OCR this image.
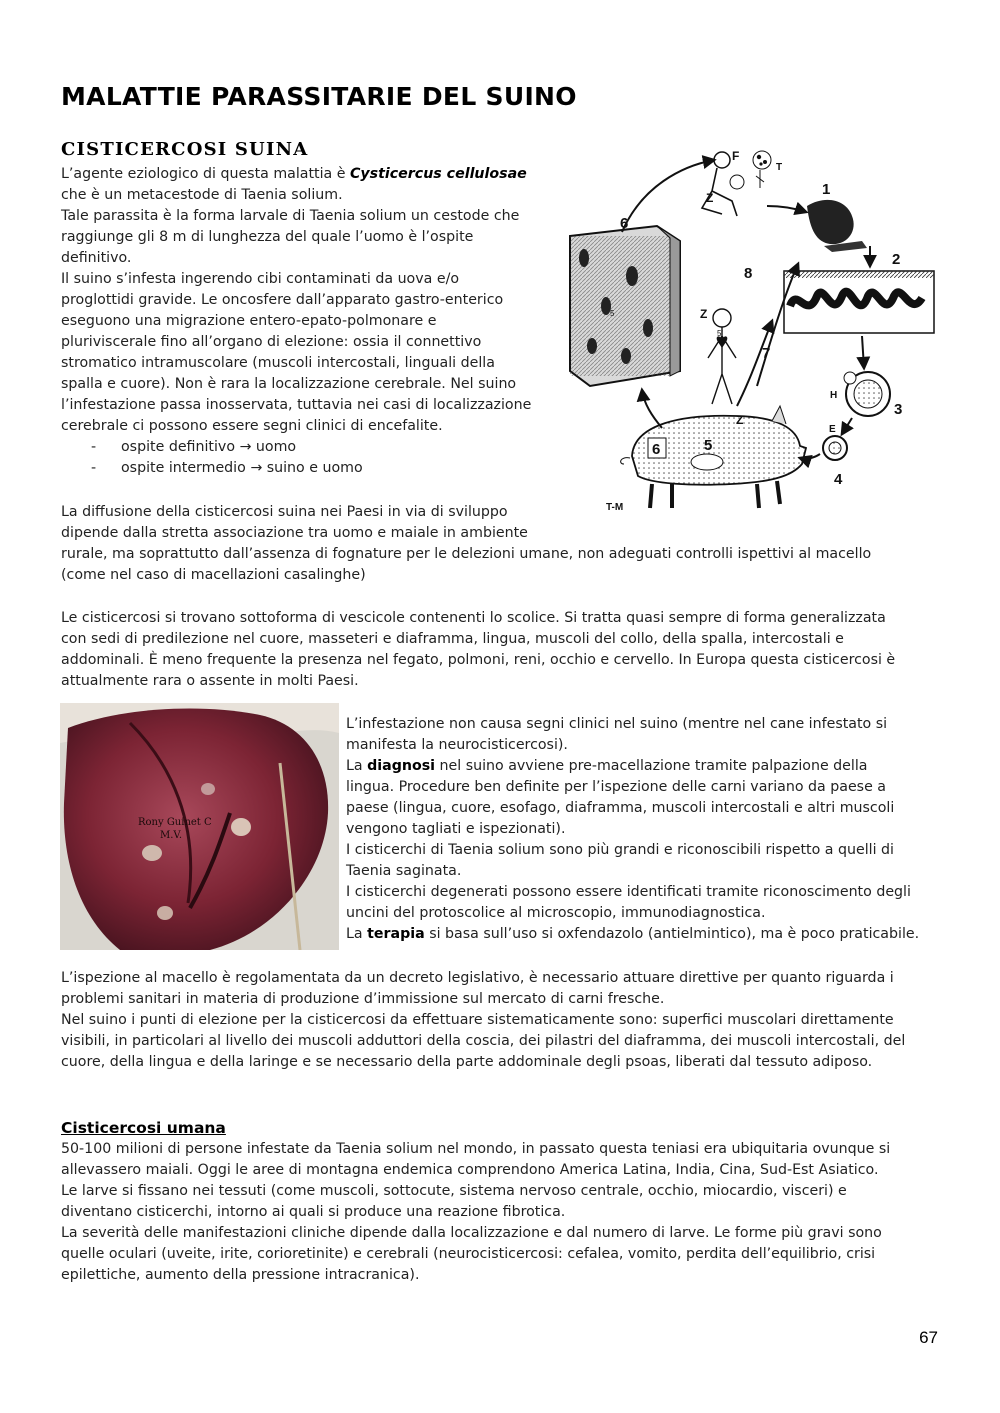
MALATTIE PARASSITARIE DEL SUINO
CISTICERCOSI SUINA

L’agente eziologico di questa malattia è Cysticercus cellulosae

che è un metacestode di Taenia solium.

Tale parassita è la forma larvale di Taenia solium un cestode che

raggiunge gli 8 m di lunghezza del quale l’uomo è l’ospite

definitivo.

Il suino s’infesta ingerendo cibi contaminati da uova e/o

proglottidi gravide. Le oncosfere dall’apparato gastro-enterico

eseguono una migrazione entero-epato-polmonare e

pluriviscerale fino all’organo di elezione: ossia il connettivo

stromatico intramuscolare (muscoli intercostali, linguali della

spalla e cuore). Non è rara la localizzazione cerebrale. Nel suino

l’infestazione passa inosservata, tuttavia nei casi di localizzazione

cerebrale ci possono essere segni clinici di encefalite.

- ospite definitivo → uomo
- ospite intermedio → suino e uomo

La diffusione della cisticercosi suina nei Paesi in via di sviluppo

dipende dalla stretta associazione tra uomo e maiale in ambiente

rurale, ma soprattutto dall’assenza di fognature per le delezioni umane, non adeguati controlli ispettivi al macello

(come nel caso di macellazioni casalinghe)

Le cisticercosi si trovano sottoforma di vescicole contenenti lo scolice. Si tratta quasi sempre di forma generalizzata

con sedi di predilezione nel cuore, masseteri e diaframma, lingua, muscoli del collo, della spalla, intercostali e

addominali. È meno frequente la presenza nel fegato, polmoni, reni, occhio e cervello. In Europa questa cisticercosi è

attualmente rara o assente in molti Paesi.

1
2
3
4
5
6
7
8
F
T
Z
Z
Z
H
E
T-M
5
5'
6
Rony Guinet C
M.V.

L’infestazione non causa segni clinici nel suino (mentre nel cane infestato si

manifesta la neurocisticercosi).

La diagnosi nel suino avviene pre-macellazione tramite palpazione della

lingua. Procedure ben definite per l’ispezione delle carni variano da paese a

paese (lingua, cuore, esofago, diaframma, muscoli intercostali e altri muscoli

vengono tagliati e ispezionati).

I cisticerchi di Taenia solium sono più grandi e riconoscibili rispetto a quelli di

Taenia saginata.

I cisticerchi degenerati possono essere identificati tramite riconoscimento degli

uncini del protoscolice al microscopio, immunodiagnostica.

La terapia si basa sull’uso si oxfendazolo (antielmintico), ma è poco praticabile.

L’ispezione al macello è regolamentata da un decreto legislativo, è necessario attuare direttive per quanto riguarda i

problemi sanitari in materia di produzione d’immissione sul mercato di carni fresche.

Nel suino i punti di elezione per la cisticercosi da effettuare sistematicamente sono: superfici muscolari direttamente

visibili, in particolari al livello dei muscoli adduttori della coscia, dei pilastri del diaframma, dei muscoli intercostali, del

cuore, della lingua e della laringe e se necessario della parte addominale degli psoas, liberati dal tessuto adiposo.

Cisticercosi umana

50-100 milioni di persone infestate da Taenia solium nel mondo, in passato questa teniasi era ubiquitaria ovunque si

allevassero maiali. Oggi le aree di montagna endemica comprendono America Latina, India, Cina, Sud-Est Asiatico.

Le larve si fissano nei tessuti (come muscoli, sottocute, sistema nervoso centrale, occhio, miocardio, visceri) e

diventano cisticerchi, intorno ai quali si produce una reazione fibrotica.

La severità delle manifestazioni cliniche dipende dalla localizzazione e dal numero di larve. Le forme più gravi sono

quelle oculari (uveite, irite, corioretinite) e cerebrali (neurocisticercosi: cefalea, vomito, perdita dell’equilibrio, crisi

epilettiche, aumento della pressione intracranica).

67
